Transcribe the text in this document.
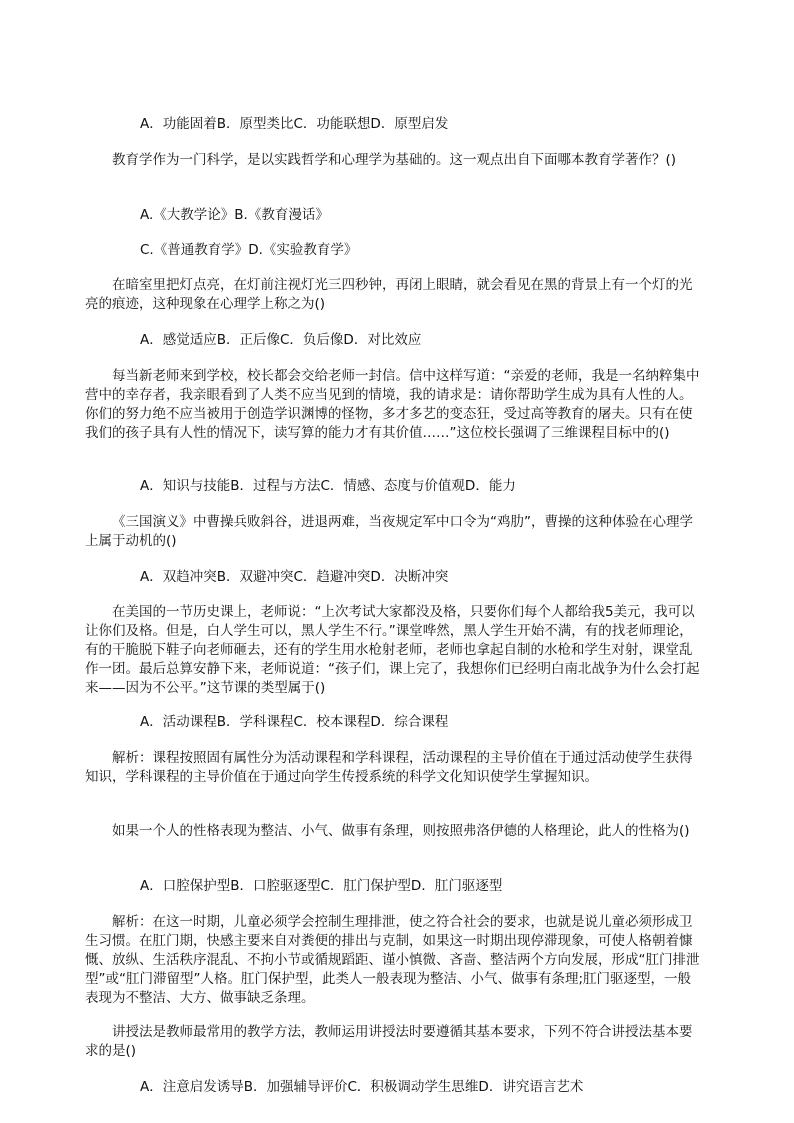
A．功能固着B．原型类比C．功能联想D．原型启发

教育学作为一门科学，是以实践哲学和心理学为基础的。这一观点出自下面哪本教育学著作？()

A.《大教学论》B.《教育漫话》

C.《普通教育学》D.《实验教育学》

在暗室里把灯点亮，在灯前注视灯光三四秒钟，再闭上眼睛，就会看见在黑的背景上有一个灯的光亮的痕迹，这种现象在心理学上称之为()

A．感觉适应B．正后像C．负后像D．对比效应

每当新老师来到学校，校长都会交给老师一封信。信中这样写道：“亲爱的老师，我是一名纳粹集中营中的幸存者，我亲眼看到了人类不应当见到的情境，我的请求是：请你帮助学生成为具有人性的人。你们的努力绝不应当被用于创造学识渊博的怪物，多才多艺的变态狂，受过高等教育的屠夫。只有在使我们的孩子具有人性的情况下，读写算的能力才有其价值……”这位校长强调了三维课程目标中的()

A．知识与技能B．过程与方法C．情感、态度与价值观D．能力

《三国演义》中曹操兵败斜谷，进退两难，当夜规定军中口令为“鸡肋”，曹操的这种体验在心理学上属于动机的()

A．双趋冲突B．双避冲突C．趋避冲突D．决断冲突

在美国的一节历史课上，老师说：“上次考试大家都没及格，只要你们每个人都给我5美元，我可以让你们及格。但是，白人学生可以，黑人学生不行。”课堂哗然，黑人学生开始不满，有的找老师理论，有的干脆脱下鞋子向老师砸去，还有的学生用水枪射老师，老师也拿起自制的水枪和学生对射，课堂乱作一团。最后总算安静下来，老师说道：“孩子们，课上完了，我想你们已经明白南北战争为什么会打起来——因为不公平。”这节课的类型属于()

A．活动课程B．学科课程C．校本课程D．综合课程

解析：课程按照固有属性分为活动课程和学科课程，活动课程的主导价值在于通过活动使学生获得知识，学科课程的主导价值在于通过向学生传授系统的科学文化知识使学生掌握知识。

如果一个人的性格表现为整洁、小气、做事有条理，则按照弗洛伊德的人格理论，此人的性格为()

A．口腔保护型B．口腔驱逐型C．肛门保护型D．肛门驱逐型

解析：在这一时期，儿童必须学会控制生理排泄，使之符合社会的要求，也就是说儿童必须形成卫生习惯。在肛门期，快感主要来自对粪便的排出与克制，如果这一时期出现停滞现象，可使人格朝着慷慨、放纵、生活秩序混乱、不拘小节或循规蹈距、谨小慎微、吝啬、整洁两个方向发展，形成“肛门排泄型”或“肛门滞留型”人格。肛门保护型，此类人一般表现为整洁、小气、做事有条理;肛门驱逐型，一般表现为不整洁、大方、做事缺乏条理。

讲授法是教师最常用的教学方法，教师运用讲授法时要遵循其基本要求，下列不符合讲授法基本要求的是()

A．注意启发诱导B．加强辅导评价C．积极调动学生思维D．讲究语言艺术
